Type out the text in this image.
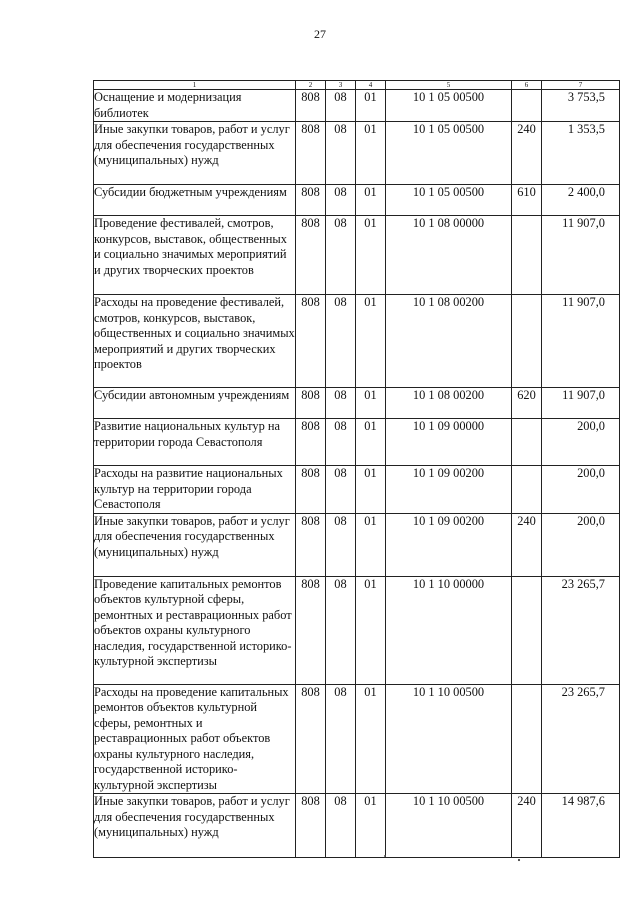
27
1	2	3	4	5	6	7
Оснащение и модернизация библиотек	808	08	01	10 1 05 00500		3 753,5
Иные закупки товаров, работ и услуг для обеспечения государственных (муниципальных) нужд	808	08	01	10 1 05 00500	240	1 353,5
Субсидии бюджетным учреждениям	808	08	01	10 1 05 00500	610	2 400,0
Проведение фестивалей, смотров, конкурсов, выставок, общественных и социально значимых мероприятий и других творческих проектов	808	08	01	10 1 08 00000		11 907,0
Расходы на проведение фестивалей, смотров, конкурсов, выставок, общественных и социально значимых мероприятий и других творческих проектов	808	08	01	10 1 08 00200		11 907,0
Субсидии автономным учреждениям	808	08	01	10 1 08 00200	620	11 907,0
Развитие национальных культур на территории города Севастополя	808	08	01	10 1 09 00000		200,0
Расходы на развитие национальных культур на территории города Севастополя	808	08	01	10 1 09 00200		200,0
Иные закупки товаров, работ и услуг для обеспечения государственных (муниципальных) нужд	808	08	01	10 1 09 00200	240	200,0
Проведение капитальных ремонтов объектов культурной сферы, ремонтных и реставрационных работ объектов охраны культурного наследия, государственной историко-культурной экспертизы	808	08	01	10 1 10 00000		23 265,7
Расходы на проведение капитальных ремонтов объектов культурной сферы, ремонтных и реставрационных работ объектов охраны культурного наследия, государственной историко-культурной экспертизы	808	08	01	10 1 10 00500		23 265,7
Иные закупки товаров, работ и услуг для обеспечения государственных (муниципальных) нужд	808	08	01	10 1 10 00500	240	14 987,6
